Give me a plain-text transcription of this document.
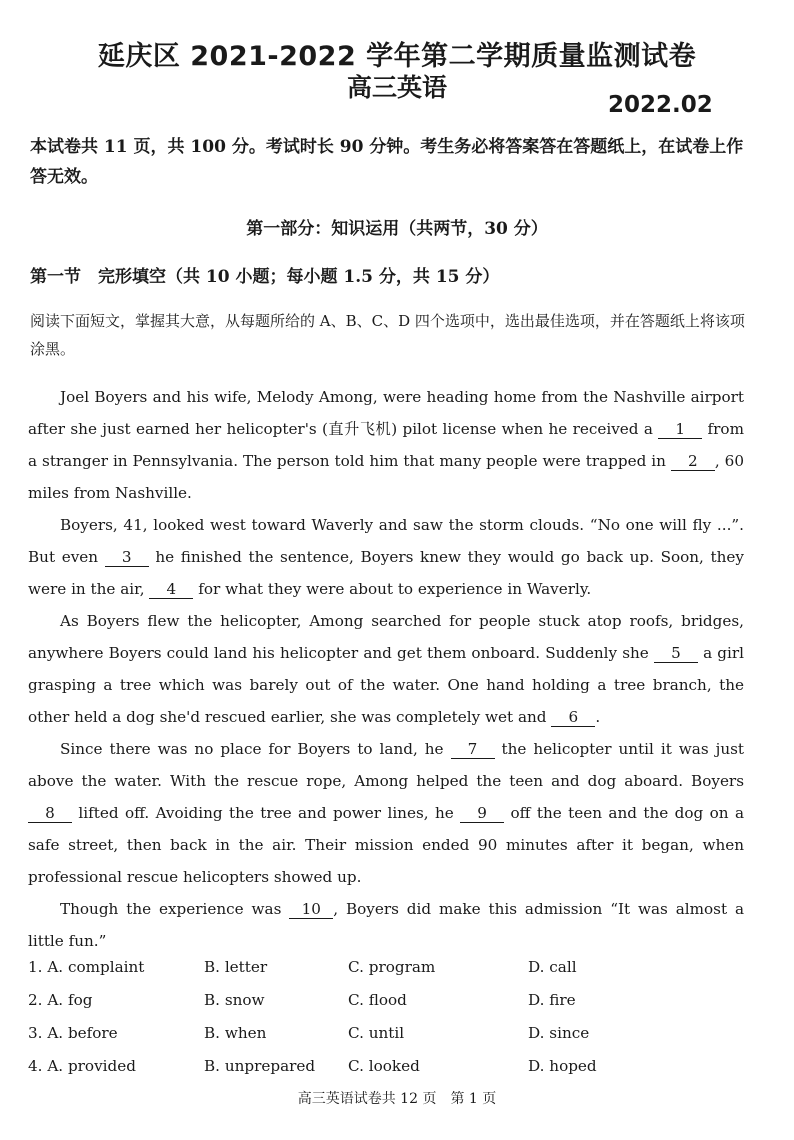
延庆区 2021-2022 学年第二学期质量监测试卷
高三英语
2022.02
本试卷共 11 页，共 100 分。考试时长 90 分钟。考生务必将答案答在答题纸上，在试卷上作答无效。
第一部分：知识运用（共两节，30 分）
第一节　完形填空（共 10 小题；每小题 1.5 分，共 15 分）
阅读下面短文，掌握其大意，从每题所给的 A、B、C、D 四个选项中，选出最佳选项，并在答题纸上将该项涂黑。

Joel Boyers and his wife, Melody Among, were heading home from the Nashville airport after she just earned her helicopter's (直升飞机) pilot license when he received a 1 from a stranger in Pennsylvania. The person told him that many people were trapped in 2 , 60 miles from Nashville.

Boyers, 41, looked west toward Waverly and saw the storm clouds. “No one will fly ...”. But even 3 he finished the sentence, Boyers knew they would go back up. Soon, they were in the air, 4 for what they were about to experience in Waverly.

As Boyers flew the helicopter, Among searched for people stuck atop roofs, bridges, anywhere Boyers could land his helicopter and get them onboard. Suddenly she 5 a girl grasping a tree which was barely out of the water. One hand holding a tree branch, the other held a dog she'd rescued earlier, she was completely wet and 6 .

Since there was no place for Boyers to land, he 7 the helicopter until it was just above the water. With the rescue rope, Among helped the teen and dog aboard. Boyers 8 lifted off. Avoiding the tree and power lines, he 9 off the teen and the dog on a safe street, then back in the air. Their mission ended 90 minutes after it began, when professional rescue helicopters showed up.

Though the experience was 10 , Boyers did make this admission “It was almost a little fun.”

1. A. complaint	B. letter	C. program	D. call
2. A. fog	B. snow	C. flood	D. fire
3. A. before	B. when	C. until	D. since
4. A. provided	B. unprepared C. looked	D. hoped
高三英语试卷共 12 页　第 1 页
